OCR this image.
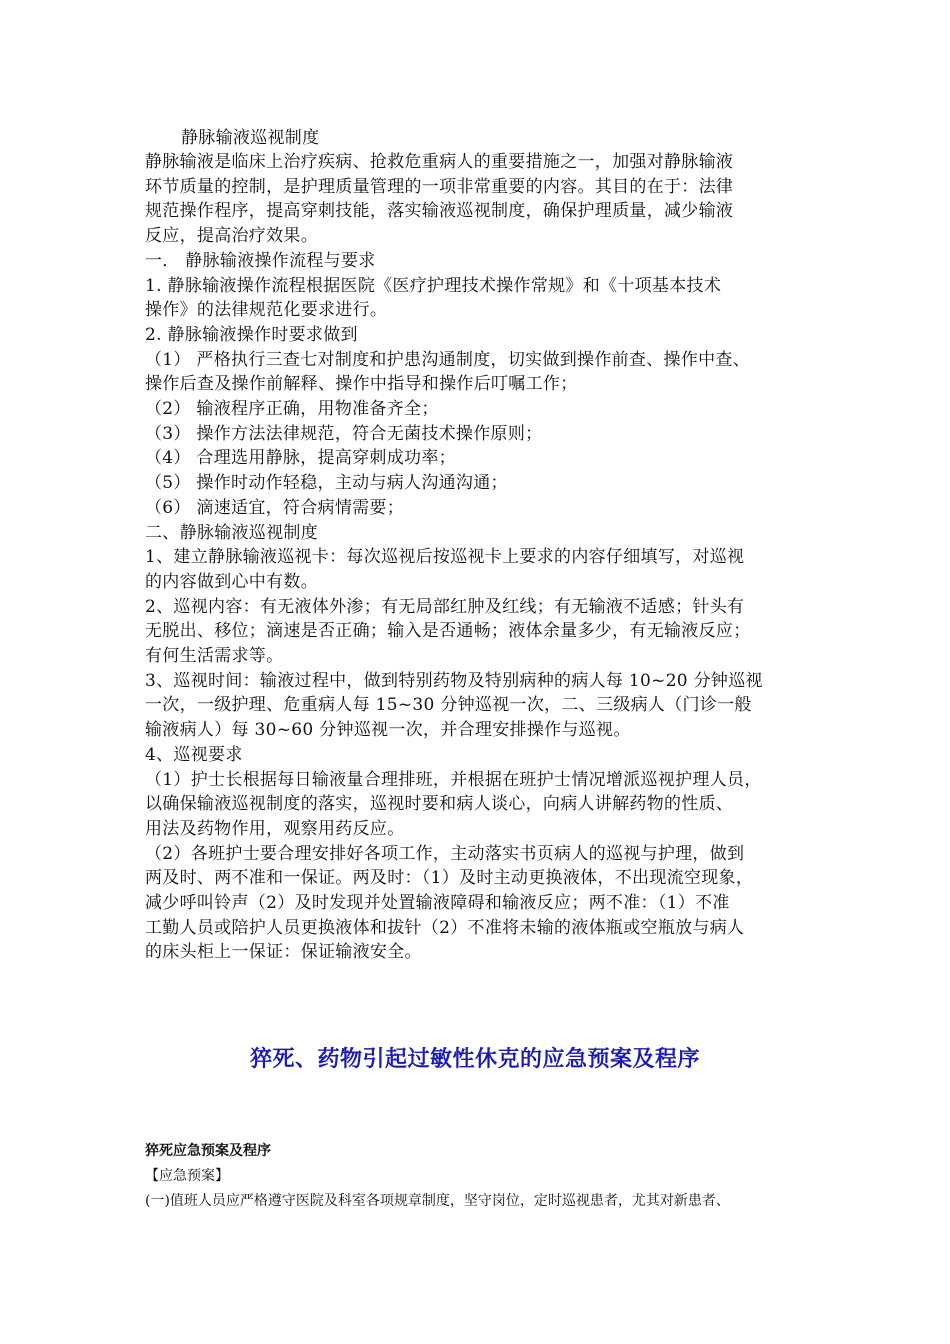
静脉输液巡视制度
静脉输液是临床上治疗疾病、抢救危重病人的重要措施之一，加强对静脉输液
环节质量的控制，是护理质量管理的一项非常重要的内容。其目的在于：法律
规范操作程序，提高穿刺技能，落实输液巡视制度，确保护理质量，减少输液
反应，提高治疗效果。
一． 静脉输液操作流程与要求
1. 静脉输液操作流程根据医院《医疗护理技术操作常规》和《十项基本技术
操作》的法律规范化要求进行。
2. 静脉输液操作时要求做到
（1） 严格执行三查七对制度和护患沟通制度，切实做到操作前查、操作中查、
操作后查及操作前解释、操作中指导和操作后叮嘱工作；
（2） 输液程序正确，用物准备齐全；
（3） 操作方法法律规范，符合无菌技术操作原则；
（4） 合理选用静脉，提高穿刺成功率；
（5） 操作时动作轻稳，主动与病人沟通沟通；
（6） 滴速适宜，符合病情需要；
二、静脉输液巡视制度
1、建立静脉输液巡视卡：每次巡视后按巡视卡上要求的内容仔细填写，对巡视
的内容做到心中有数。
2、巡视内容：有无液体外渗；有无局部红肿及红线；有无输液不适感；针头有
无脱出、移位；滴速是否正确；输入是否通畅；液体余量多少，有无输液反应；
有何生活需求等。
3、巡视时间：输液过程中，做到特别药物及特别病种的病人每 10~20 分钟巡视
一次，一级护理、危重病人每 15~30 分钟巡视一次，二、三级病人（门诊一般
输液病人）每 30~60 分钟巡视一次，并合理安排操作与巡视。
4、巡视要求
（1）护士长根据每日输液量合理排班，并根据在班护士情况增派巡视护理人员，
以确保输液巡视制度的落实，巡视时要和病人谈心，向病人讲解药物的性质、
用法及药物作用，观察用药反应。
（2）各班护士要合理安排好各项工作，主动落实书页病人的巡视与护理，做到
两及时、两不准和一保证。两及时：（1）及时主动更换液体，不出现流空现象，
减少呼叫铃声（2）及时发现并处置输液障碍和输液反应；两不准：（1）不准
工勤人员或陪护人员更换液体和拔针（2）不准将未输的液体瓶或空瓶放与病人
的床头柜上一保证：保证输液安全。
猝死、药物引起过敏性休克的应急预案及程序
猝死应急预案及程序
【应急预案】
(一)值班人员应严格遵守医院及科室各项规章制度，坚守岗位，定时巡视患者，尤其对新患者、
